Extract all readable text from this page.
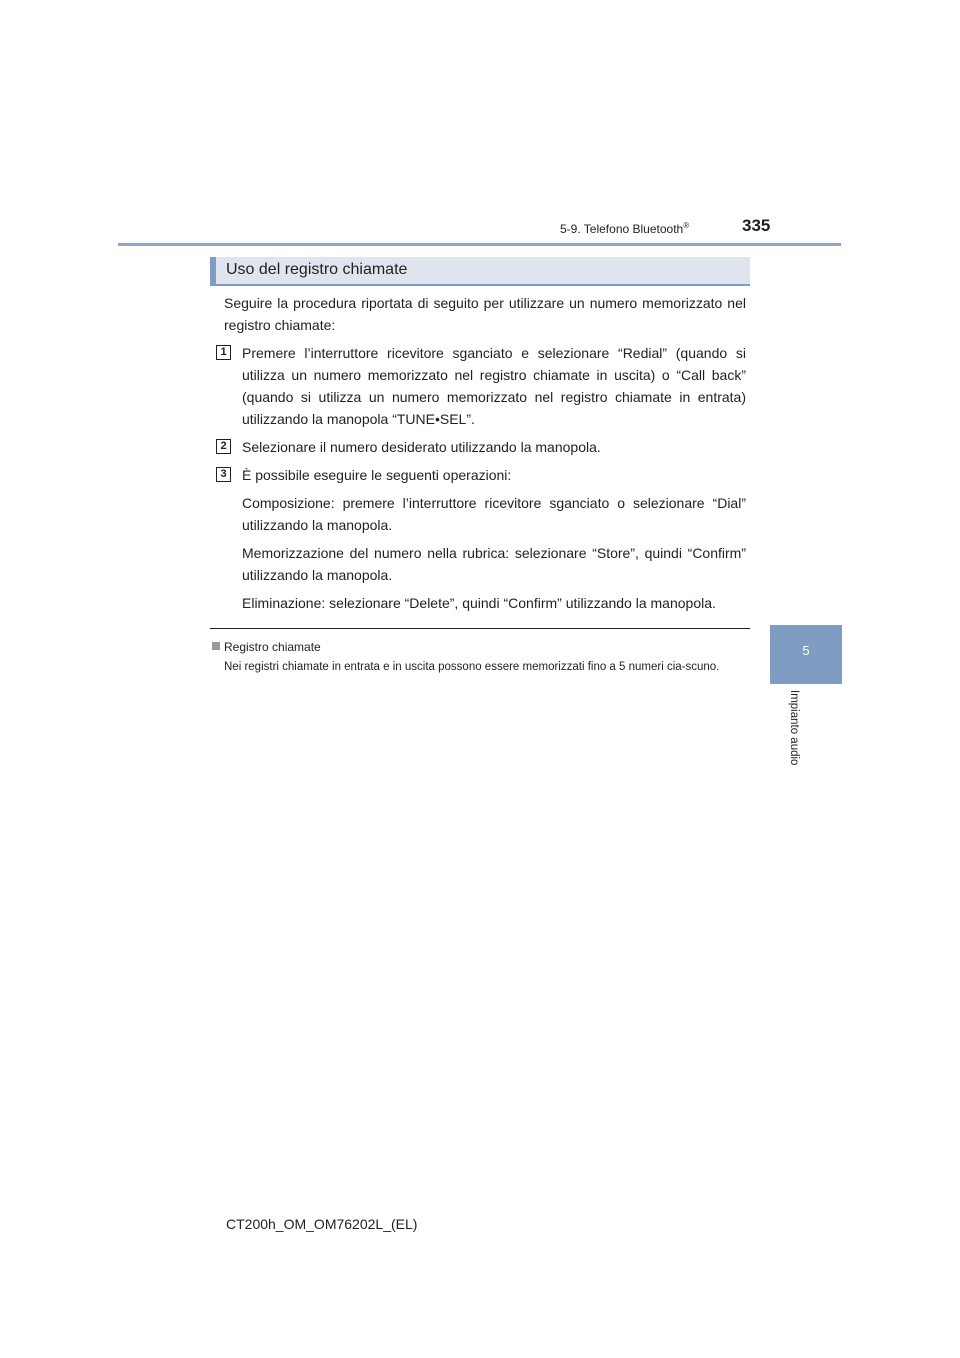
5-9. Telefono Bluetooth®	335
5
Impianto audio
Uso del registro chiamate
Seguire la procedura riportata di seguito per utilizzare un numero memorizzato nel registro chiamate:
1	Premere l’interruttore ricevitore sganciato e selezionare “Redial” (quando si utilizza un numero memorizzato nel registro chiamate in uscita) o “Call back” (quando si utilizza un numero memorizzato nel registro chiamate in entrata) utilizzando la manopola “TUNE•SEL”.
2	Selezionare il numero desiderato utilizzando la manopola.
3	È possibile eseguire le seguenti operazioni:
Composizione: premere l’interruttore ricevitore sganciato o selezionare “Dial” utilizzando la manopola.
Memorizzazione del numero nella rubrica: selezionare “Store”, quindi “Confirm” utilizzando la manopola.
Eliminazione: selezionare “Delete”, quindi “Confirm” utilizzando la manopola.
Registro chiamate
Nei registri chiamate in entrata e in uscita possono essere memorizzati fino a 5 numeri cia-scuno.
CT200h_OM_OM76202L_(EL)
